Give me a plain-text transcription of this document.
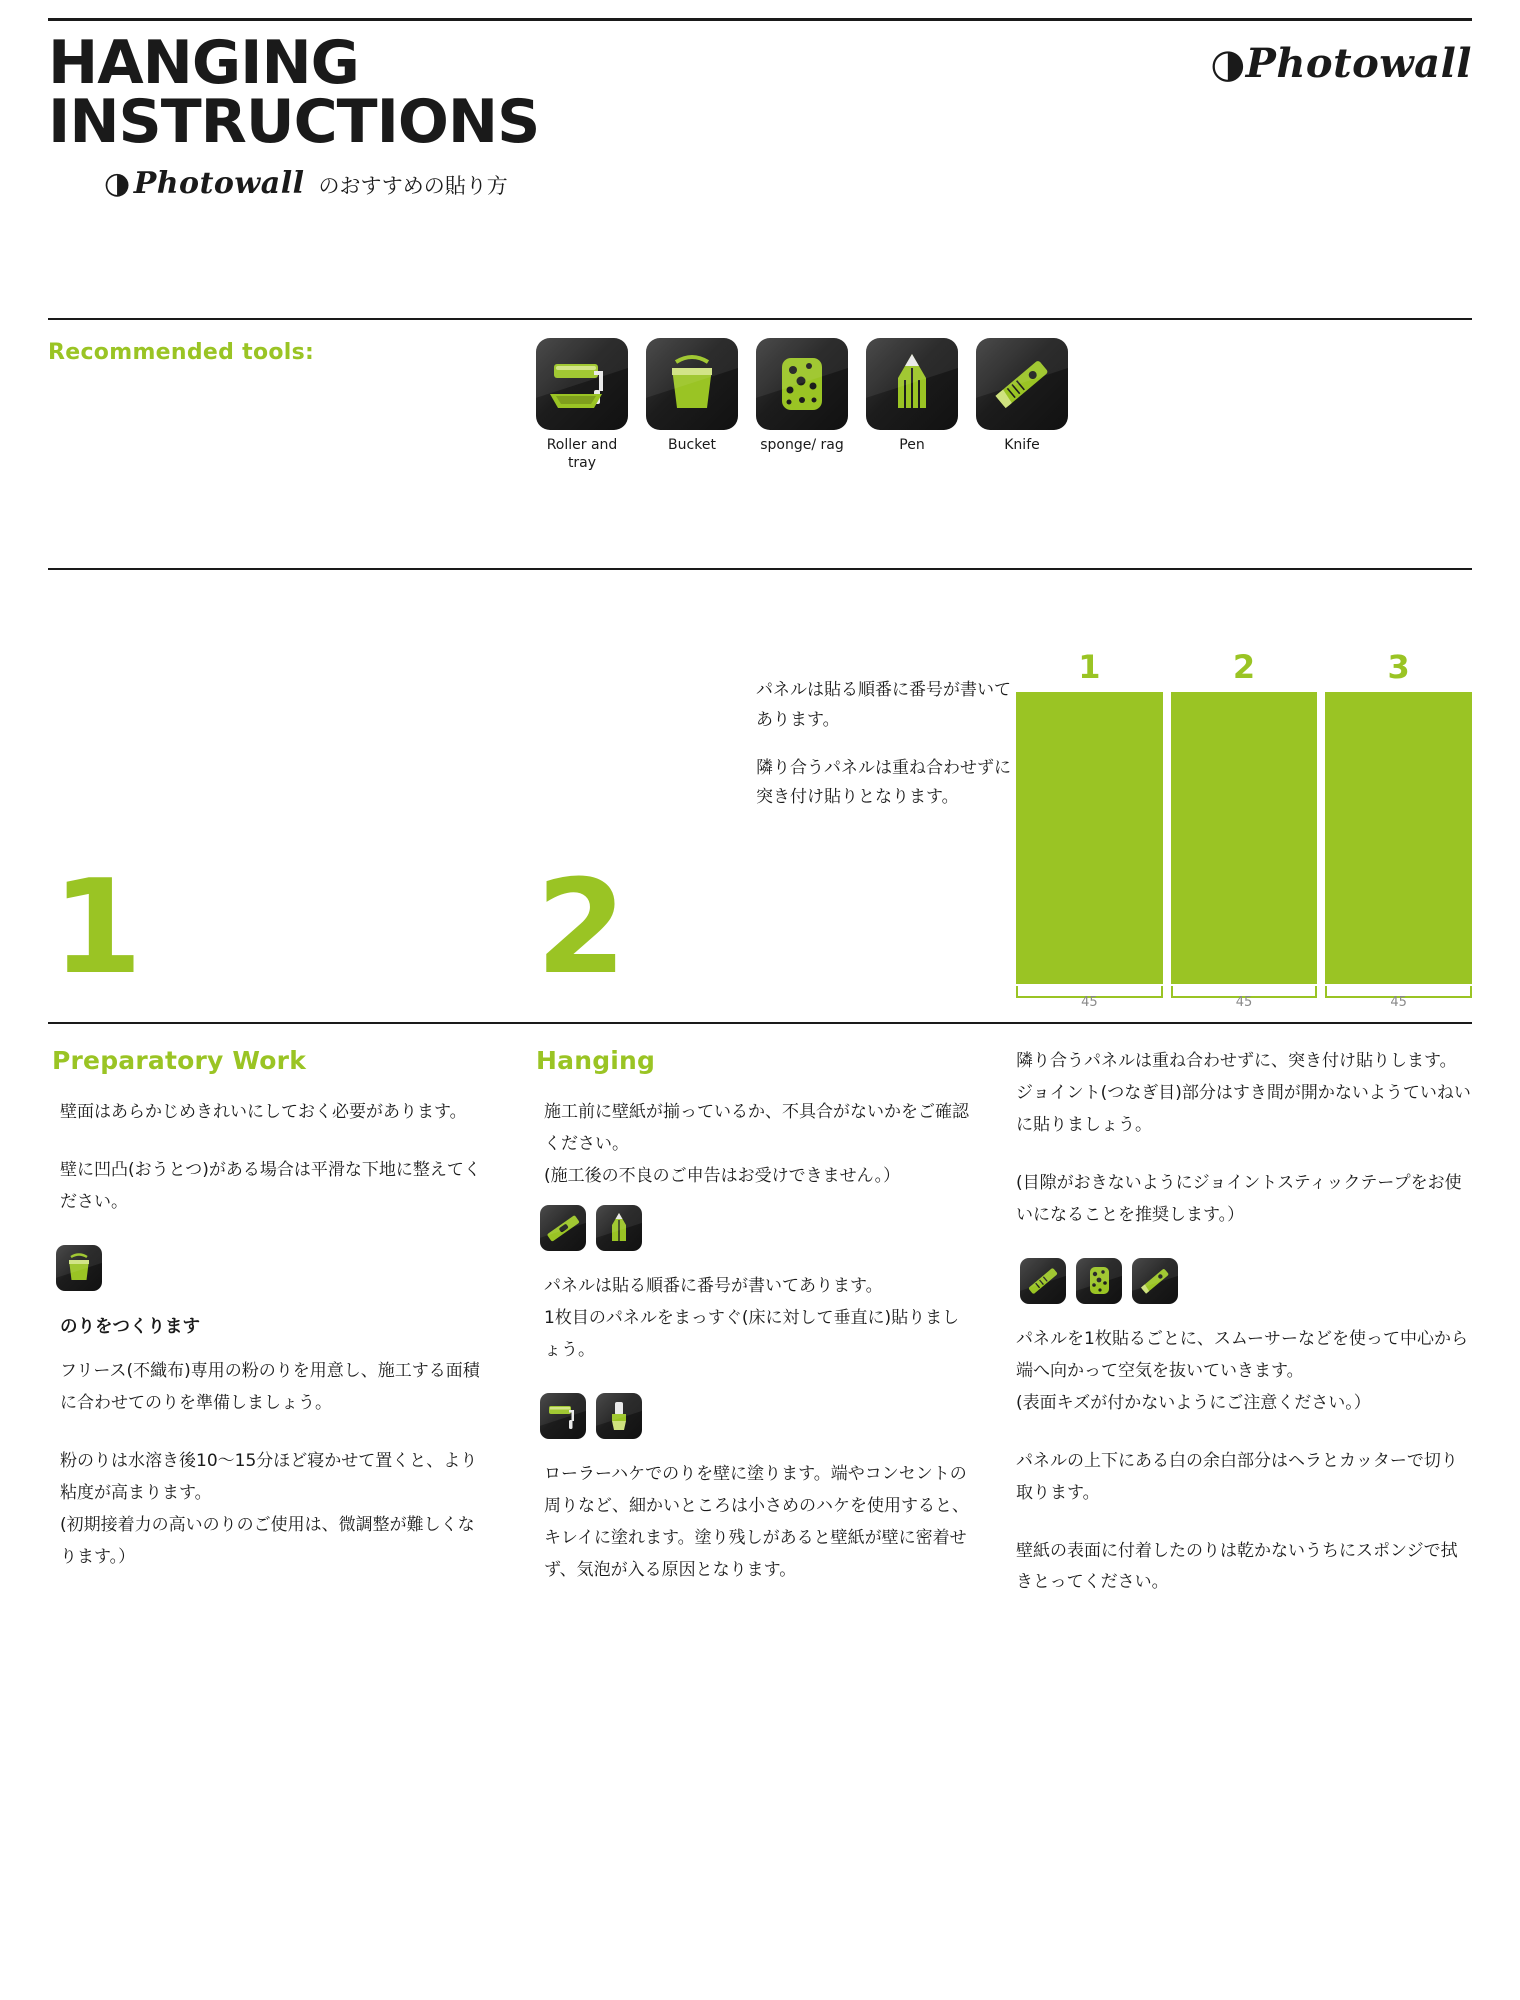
HANGING
INSTRUCTIONS
◑ Photowall のおすすめの貼り方
◑Photowall
Recommended tools:
Roller and tray
Bucket	sponge/ rag	Pen	Knife

パネルは貼る順番に番号が書いてあります。

隣り合うパネルは重ね合わせずに突き付け貼りとなります。

1	2	3
45	45	45
1	2
Preparatory Work

壁面はあらかじめきれいにしておく必要があります。

壁に凹凸(おうとつ)がある場合は平滑な下地に整えてください。

のりをつくります

フリース(不織布)専用の粉のりを用意し、施工する面積に合わせてのりを準備しましょう。

粉のりは水溶き後10〜15分ほど寝かせて置くと、より粘度が高まります。

(初期接着力の高いのりのご使用は、微調整が難しくなります。）

Hanging

施工前に壁紙が揃っているか、不具合がないかをご確認ください。

(施工後の不良のご申告はお受けできません。）

パネルは貼る順番に番号が書いてあります。

1枚目のパネルをまっすぐ(床に対して垂直に)貼りましょう。

ローラーハケでのりを壁に塗ります。端やコンセントの周りなど、細かいところは小さめのハケを使用すると、キレイに塗れます。塗り残しがあると壁紙が壁に密着せず、気泡が入る原因となります。

隣り合うパネルは重ね合わせずに、突き付け貼りします。ジョイント(つなぎ目)部分はすき間が開かないようていねいに貼りましょう。

(目隙がおきないようにジョイントスティックテープをお使いになることを推奨します。）

パネルを1枚貼るごとに、スムーサーなどを使って中心から端へ向かって空気を抜いていきます。

(表面キズが付かないようにご注意ください。）

パネルの上下にある白の余白部分はヘラとカッターで切り取ります。

壁紙の表面に付着したのりは乾かないうちにスポンジで拭きとってください。
